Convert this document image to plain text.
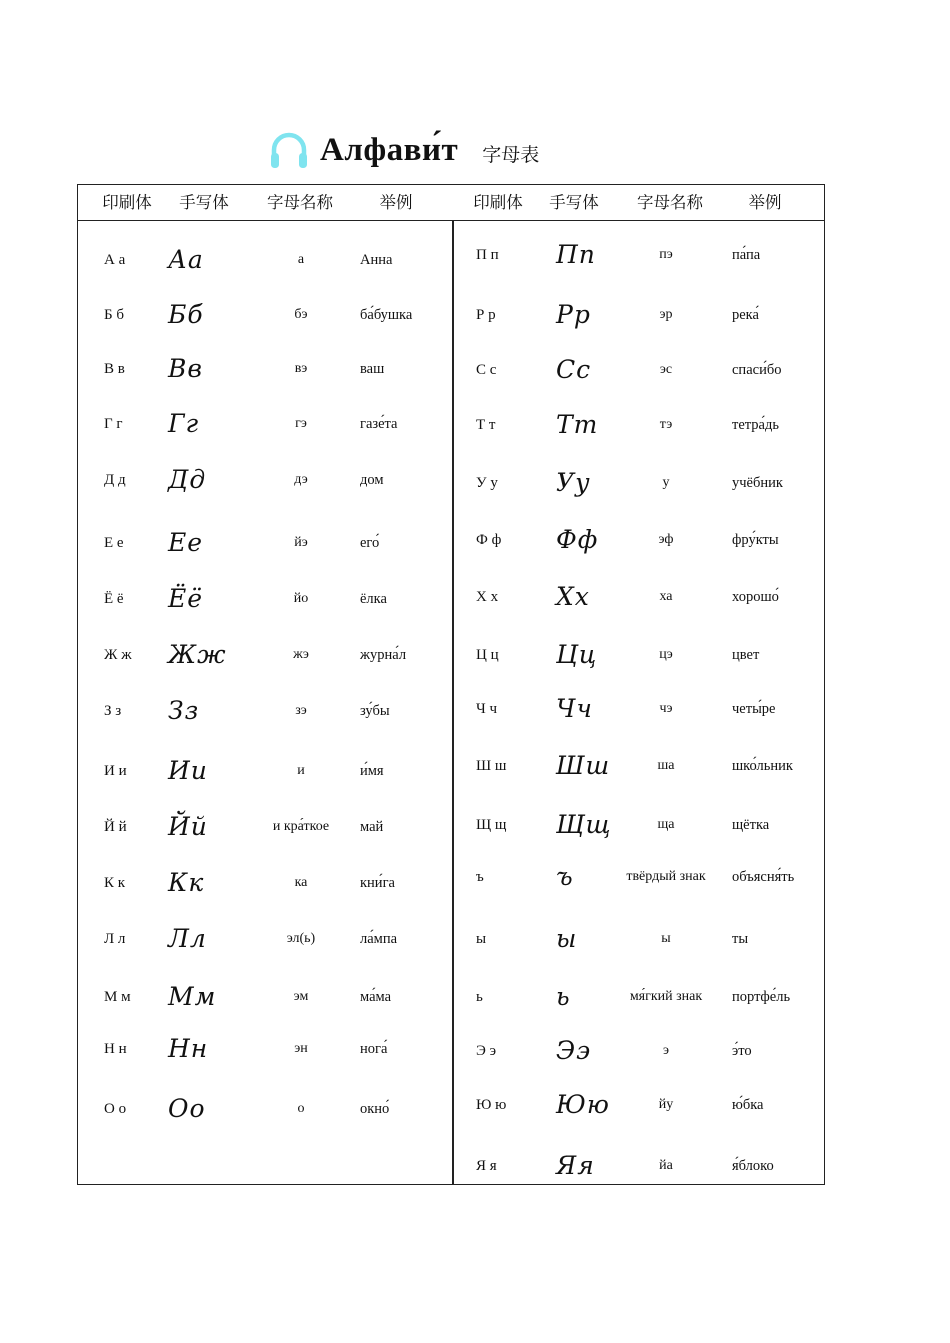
Алфави́т 字母表
印刷体	手写体	字母名称	举例	印刷体	手写体	字母名称	举例
А а	Аа	а	Анна
Б б	Бб	бэ	ба́бушка
В в	Вв	вэ	ваш
Г г	Гг	гэ	газе́та
Д д	Дд	дэ	дом
Е е	Ее	йэ	его́
Ё ё	Ёё	йо	ёлка
Ж ж	Жж	жэ	журна́л
З з	Зз	зэ	зу́бы
И и	Ии	и	и́мя
Й й	Йй	и кра́ткое	май
К к	Кк	ка	кни́га
Л л	Лл	эл(ь)	ла́мпа
М м	Мм	эм	ма́ма
Н н	Нн	эн	нога́
О о	Оо	о	окно́
П п	Пп	пэ	па́па
Р р	Рр	эр	река́
С с	Сс	эс	спаси́бо
Т т	Тт	тэ	тетра́дь
У у	Уу	у	учёбник
Ф ф	Фф	эф	фру́кты
Х х	Хх	ха	хорошо́
Ц ц	Цц	цэ	цвет
Ч ч	Чч	чэ	четы́ре
Ш ш	Шш	ша	шко́льник
Щ щ	Щщ	ща	щётка
ъ	ъ	твёрдый знак	объясня́ть
ы	ы	ы	ты
ь	ь	мя́гкий знак	портфе́ль
Э э	Ээ	э	э́то
Ю ю	Юю	йу	ю́бка
Я я	Яя	йа	я́блоко
